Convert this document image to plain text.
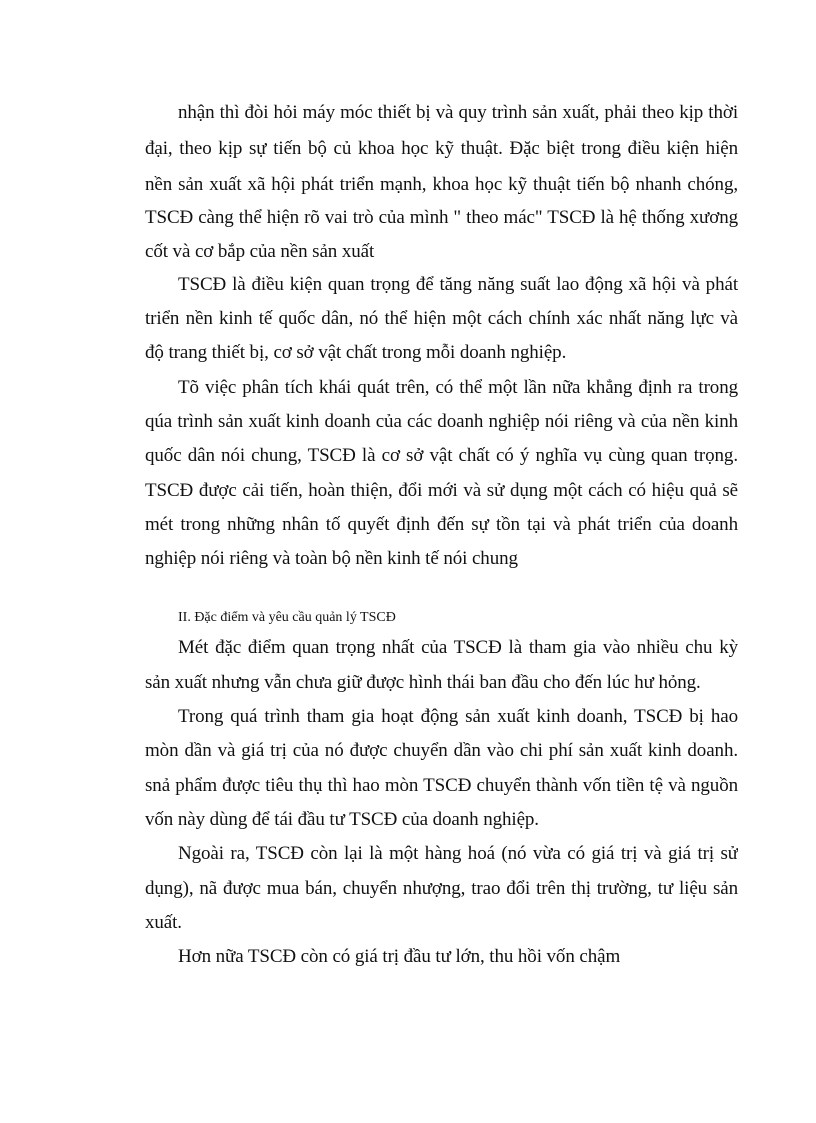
nhận thì đòi hỏi máy móc thiết bị và quy trình sản xuất, phải theo kịp thời

đại, theo kịp sự tiến bộ củ khoa học kỹ thuật. Đặc biệt trong điều kiện hiện

nền sản xuất xã hội phát triển mạnh, khoa học kỹ thuật tiến bộ nhanh chóng,

TSCĐ càng thể hiện rõ vai trò của mình " theo mác" TSCĐ là hệ thống xương

cốt và cơ bắp của nền sản xuất

TSCĐ là điều kiện quan trọng để tăng năng suất lao động xã hội và phát

triển nền kinh tế quốc dân, nó thể hiện một cách chính xác nhất năng lực và

độ trang thiết bị, cơ sở vật chất trong mỗi doanh nghiệp.

Tõ việc phân tích khái quát trên, có thể một lần nữa khẳng định ra trong

qúa trình sản xuất kinh doanh của các doanh nghiệp nói riêng và của nền kinh

quốc dân nói chung, TSCĐ là cơ sở vật chất có ý nghĩa vụ cùng quan trọng.

TSCĐ được cải tiến, hoàn thiện, đổi mới và sử dụng một cách có hiệu quả sẽ

mét trong những nhân tố quyết định đến sự tồn tại và phát triển của doanh

nghiệp nói riêng và toàn bộ nền kinh tế nói chung

II. Đặc điểm và yêu cầu quản lý TSCĐ

Mét đặc điểm quan trọng nhất của TSCĐ là tham gia vào nhiều chu kỳ

sản xuất nhưng vẫn chưa giữ được hình thái ban đầu cho đến lúc hư hỏng.

Trong quá trình tham gia hoạt động sản xuất kinh doanh, TSCĐ bị hao

mòn dần và giá trị của nó được chuyển dần vào chi phí sản xuất kinh doanh.

snả phẩm được tiêu thụ thì hao mòn TSCĐ chuyển thành vốn tiền tệ và nguồn

vốn này dùng để tái đầu tư TSCĐ của doanh nghiệp.

Ngoài ra, TSCĐ còn lại là một hàng hoá (nó vừa có giá trị và giá trị sử

dụng), nã được mua bán, chuyển nhượng, trao đổi trên thị trường, tư liệu sản

xuất.

Hơn nữa TSCĐ còn có giá trị đầu tư lớn, thu hồi vốn chậm
